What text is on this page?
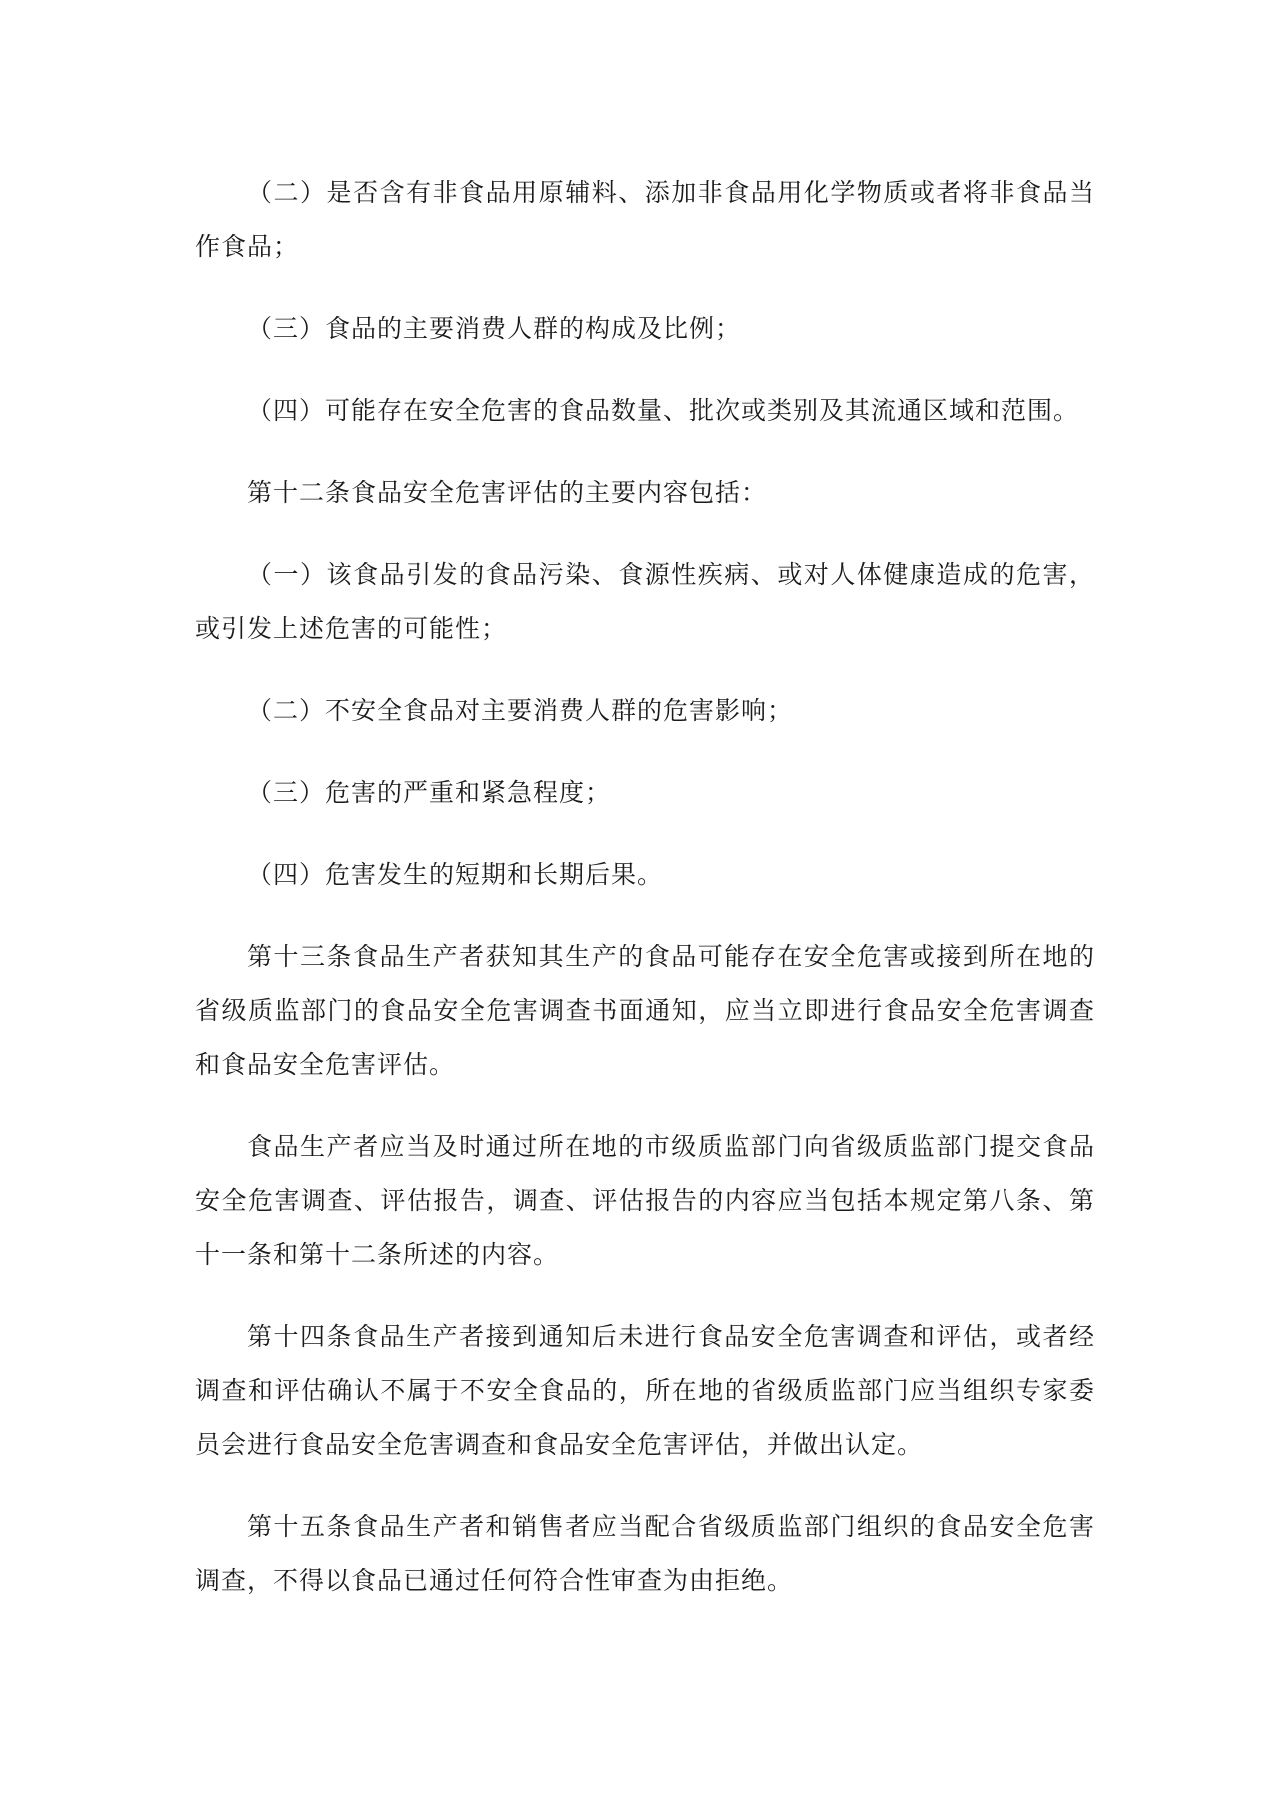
（二）是否含有非食品用原辅料、添加非食品用化学物质或者将非食品当作食品；

（三）食品的主要消费人群的构成及比例；

（四）可能存在安全危害的食品数量、批次或类别及其流通区域和范围。

第十二条食品安全危害评估的主要内容包括：

（一）该食品引发的食品污染、食源性疾病、或对人体健康造成的危害，或引发上述危害的可能性；

（二）不安全食品对主要消费人群的危害影响；

（三）危害的严重和紧急程度；

（四）危害发生的短期和长期后果。

第十三条食品生产者获知其生产的食品可能存在安全危害或接到所在地的省级质监部门的食品安全危害调查书面通知，应当立即进行食品安全危害调查和食品安全危害评估。

食品生产者应当及时通过所在地的市级质监部门向省级质监部门提交食品安全危害调查、评估报告，调查、评估报告的内容应当包括本规定第八条、第十一条和第十二条所述的内容。

第十四条食品生产者接到通知后未进行食品安全危害调查和评估，或者经调查和评估确认不属于不安全食品的，所在地的省级质监部门应当组织专家委员会进行食品安全危害调查和食品安全危害评估，并做出认定。

第十五条食品生产者和销售者应当配合省级质监部门组织的食品安全危害调查，不得以食品已通过任何符合性审查为由拒绝。
